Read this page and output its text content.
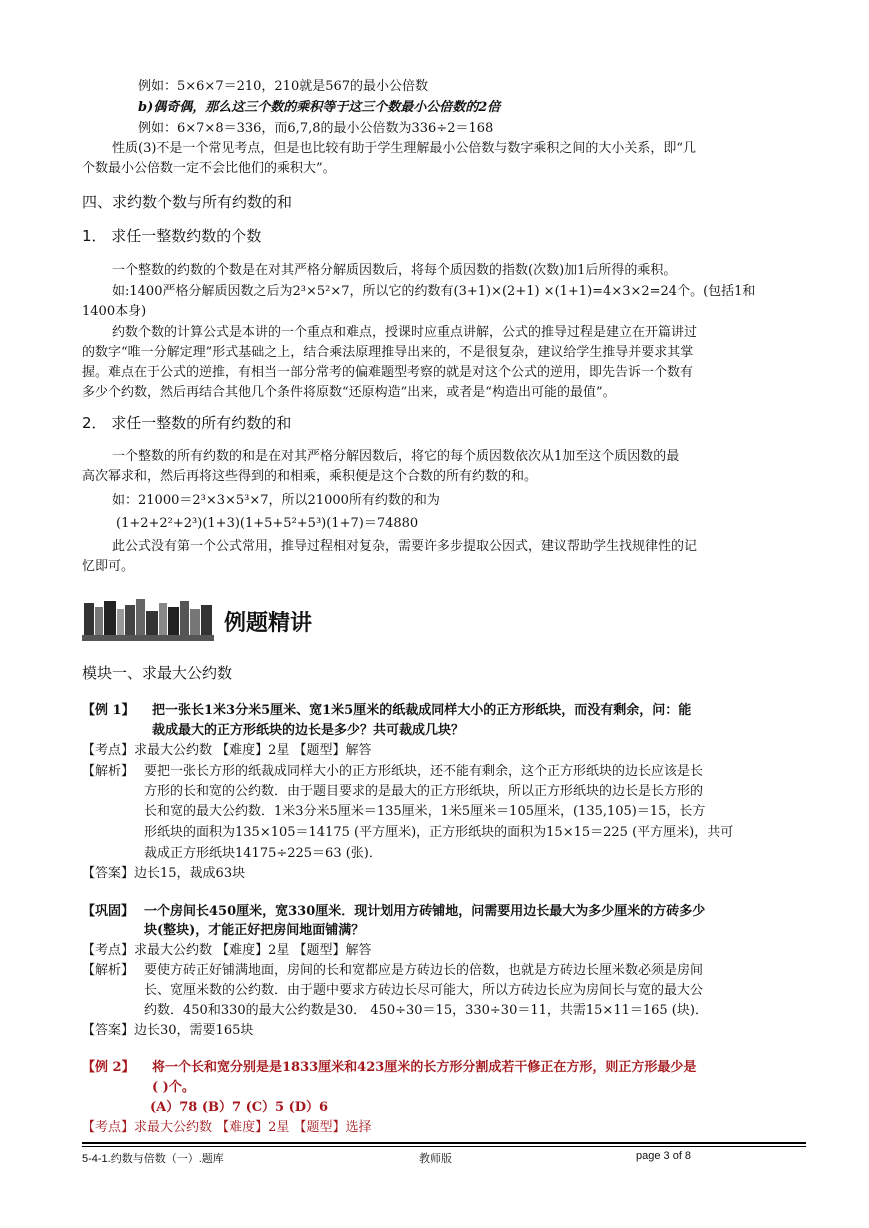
例如：5×6×7＝210，210就是567的最小公倍数
b)偶奇偶，那么这三个数的乘积等于这三个数最小公倍数的2倍
例如：6×7×8＝336，而6,7,8的最小公倍数为336÷2＝168
性质(3)不是一个常见考点，但是也比较有助于学生理解最小公倍数与数字乘积之间的大小关系，即“几
个数最小公倍数一定不会比他们的乘积大”。
四、求约数个数与所有约数的和
1． 求任一整数约数的个数
一个整数的约数的个数是在对其严格分解质因数后，将每个质因数的指数(次数)加1后所得的乘积。
如:1400严格分解质因数之后为2³×5²×7，所以它的约数有(3+1)×(2+1) ×(1+1)=4×3×2=24个。(包括1和
1400本身)
约数个数的计算公式是本讲的一个重点和难点，授课时应重点讲解，公式的推导过程是建立在开篇讲过
的数字“唯一分解定理”形式基础之上，结合乘法原理推导出来的，不是很复杂，建议给学生推导并要求其掌
握。难点在于公式的逆推，有相当一部分常考的偏难题型考察的就是对这个公式的逆用，即先告诉一个数有
多少个约数，然后再结合其他几个条件将原数“还原构造”出来，或者是“构造出可能的最值”。
2． 求任一整数的所有约数的和
一个整数的所有约数的和是在对其严格分解因数后，将它的每个质因数依次从1加至这个质因数的最
高次幂求和，然后再将这些得到的和相乘，乘积便是这个合数的所有约数的和。
如：21000＝2³×3×5³×7，所以21000所有约数的和为
(1+2+2²+2³)(1+3)(1+5+5²+5³)(1+7)＝74880
此公式没有第一个公式常用，推导过程相对复杂，需要许多步提取公因式，建议帮助学生找规律性的记
忆即可。
例题精讲
模块一、求最大公约数
【例 1】 把一张长1米3分米5厘米、宽1米5厘米的纸裁成同样大小的正方形纸块，而没有剩余，问：能
裁成最大的正方形纸块的边长是多少？共可裁成几块？
【考点】求最大公约数 【难度】2星 【题型】解答
【解析】 要把一张长方形的纸裁成同样大小的正方形纸块，还不能有剩余，这个正方形纸块的边长应该是长
方形的长和宽的公约数．由于题目要求的是最大的正方形纸块，所以正方形纸块的边长是长方形的
长和宽的最大公约数．1米3分米5厘米＝135厘米，1米5厘米＝105厘米，(135,105)＝15，长方
形纸块的面积为135×105＝14175 (平方厘米)，正方形纸块的面积为15×15＝225 (平方厘米)，共可
裁成正方形纸块14175÷225＝63 (张)．
【答案】边长15，裁成63块
【巩固】 一个房间长450厘米，宽330厘米．现计划用方砖铺地，问需要用边长最大为多少厘米的方砖多少
块(整块)，才能正好把房间地面铺满？
【考点】求最大公约数 【难度】2星 【题型】解答
【解析】 要使方砖正好铺满地面，房间的长和宽都应是方砖边长的倍数，也就是方砖边长厘米数必须是房间
长、宽厘米数的公约数．由于题中要求方砖边长尽可能大，所以方砖边长应为房间长与宽的最大公
约数．450和330的最大公约数是30． 450÷30＝15，330÷30＝11，共需15×11＝165 (块)．
【答案】边长30，需要165块
【例 2】 将一个长和宽分别是是1833厘米和423厘米的长方形分割成若干修正在方形，则正方形最少是
( )个。
(A）78 (B）7 (C）5 (D）6
【考点】求最大公约数 【难度】2星 【题型】选择
5-4-1.约数与倍数（一）.题库	教师版	page 3 of 8
